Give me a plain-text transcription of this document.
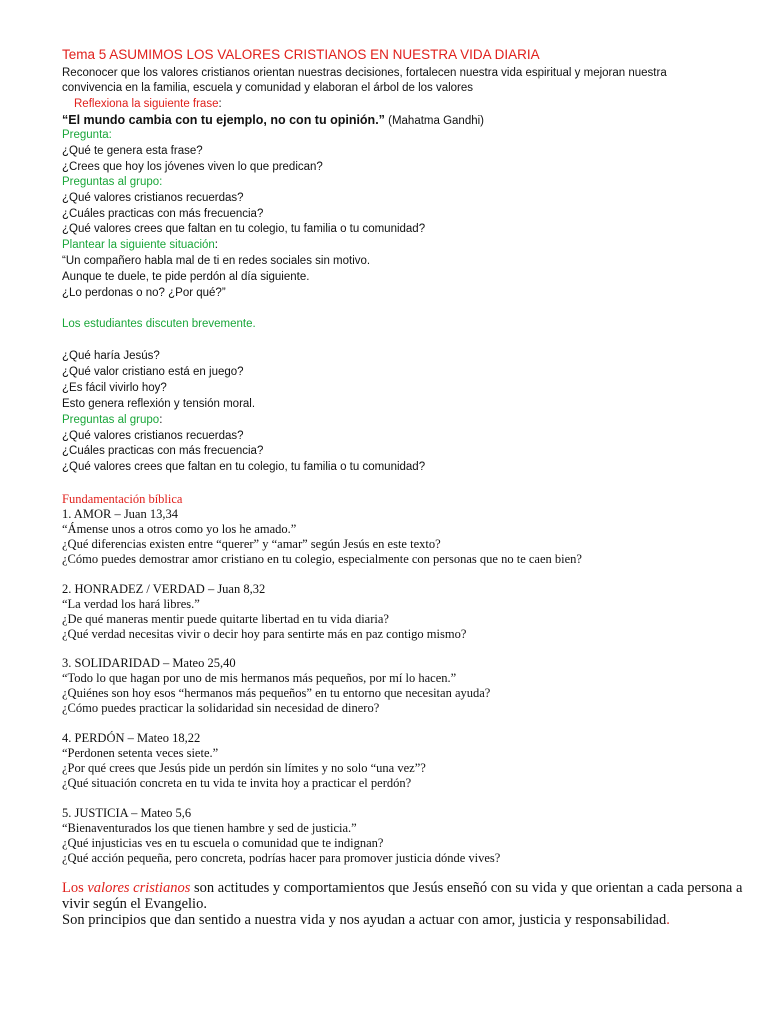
Tema 5 ASUMIMOS LOS VALORES CRISTIANOS EN NUESTRA VIDA DIARIA
Reconocer que los valores cristianos orientan nuestras decisiones, fortalecen nuestra vida espiritual y mejoran nuestra
convivencia en la familia, escuela y comunidad y elaboran el árbol de los valores
Reflexiona la siguiente frase:
“El mundo cambia con tu ejemplo, no con tu opinión.” (Mahatma Gandhi)
Pregunta:
¿Qué te genera esta frase?
¿Crees que hoy los jóvenes viven lo que predican?
Preguntas al grupo:
¿Qué valores cristianos recuerdas?
¿Cuáles practicas con más frecuencia?
¿Qué valores crees que faltan en tu colegio, tu familia o tu comunidad?
Plantear la siguiente situación:
“Un compañero habla mal de ti en redes sociales sin motivo.
Aunque te duele, te pide perdón al día siguiente.
¿Lo perdonas o no? ¿Por qué?”
Los estudiantes discuten brevemente.
¿Qué haría Jesús?
¿Qué valor cristiano está en juego?
¿Es fácil vivirlo hoy?
Esto genera reflexión y tensión moral.
Preguntas al grupo:
¿Qué valores cristianos recuerdas?
¿Cuáles practicas con más frecuencia?
¿Qué valores crees que faltan en tu colegio, tu familia o tu comunidad?
Fundamentación bíblica
1. AMOR – Juan 13,34
“Ámense unos a otros como yo los he amado.”
¿Qué diferencias existen entre “querer” y “amar” según Jesús en este texto?
¿Cómo puedes demostrar amor cristiano en tu colegio, especialmente con personas que no te caen bien?
2. HONRADEZ / VERDAD – Juan 8,32
“La verdad los hará libres.”
¿De qué maneras mentir puede quitarte libertad en tu vida diaria?
¿Qué verdad necesitas vivir o decir hoy para sentirte más en paz contigo mismo?
3. SOLIDARIDAD – Mateo 25,40
“Todo lo que hagan por uno de mis hermanos más pequeños, por mí lo hacen.”
¿Quiénes son hoy esos “hermanos más pequeños” en tu entorno que necesitan ayuda?
¿Cómo puedes practicar la solidaridad sin necesidad de dinero?
4. PERDÓN – Mateo 18,22
“Perdonen setenta veces siete.”
¿Por qué crees que Jesús pide un perdón sin límites y no solo “una vez”?
¿Qué situación concreta en tu vida te invita hoy a practicar el perdón?
5. JUSTICIA – Mateo 5,6
“Bienaventurados los que tienen hambre y sed de justicia.”
¿Qué injusticias ves en tu escuela o comunidad que te indignan?
¿Qué acción pequeña, pero concreta, podrías hacer para promover justicia dónde vives?
Los valores cristianos son actitudes y comportamientos que Jesús enseñó con su vida y que orientan a cada persona a
vivir según el Evangelio.
Son principios que dan sentido a nuestra vida y nos ayudan a actuar con amor, justicia y responsabilidad.
